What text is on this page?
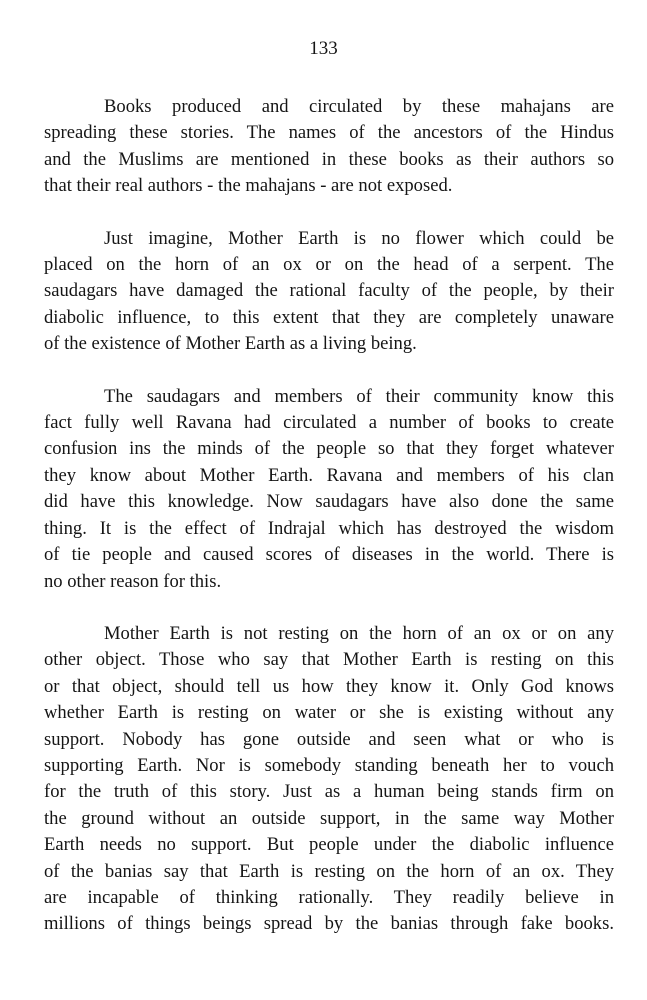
133
Books produced and circulated by these mahajans are
spreading these stories. The names of the ancestors of the Hindus
and the Muslims are mentioned in these books as their authors so
that their real authors - the mahajans - are not exposed.
Just imagine, Mother Earth is no flower which could be
placed on the horn of an ox or on the head of a serpent. The
saudagars have damaged the rational faculty of the people, by their
diabolic influence, to this extent that they are completely unaware
of the existence of Mother Earth as a living being.
The saudagars and members of their community know this
fact fully well Ravana had circulated a number of books to create
confusion ins the minds of the people so that they forget whatever
they know about Mother Earth. Ravana and members of his clan
did have this knowledge. Now saudagars have also done the same
thing. It is the effect of Indrajal which has destroyed the wisdom
of tie people and caused scores of diseases in the world. There is
no other reason for this.
Mother Earth is not resting on the horn of an ox or on any
other object. Those who say that Mother Earth is resting on this
or that object, should tell us how they know it. Only God knows
whether Earth is resting on water or she is existing without any
support. Nobody has gone outside and seen what or who is
supporting Earth. Nor is somebody standing beneath her to vouch
for the truth of this story. Just as a human being stands firm on
the ground without an outside support, in the same way Mother
Earth needs no support. But people under the diabolic influence
of the banias say that Earth is resting on the horn of an ox. They
are incapable of thinking rationally. They readily believe in
millions of things beings spread by the banias through fake books.
